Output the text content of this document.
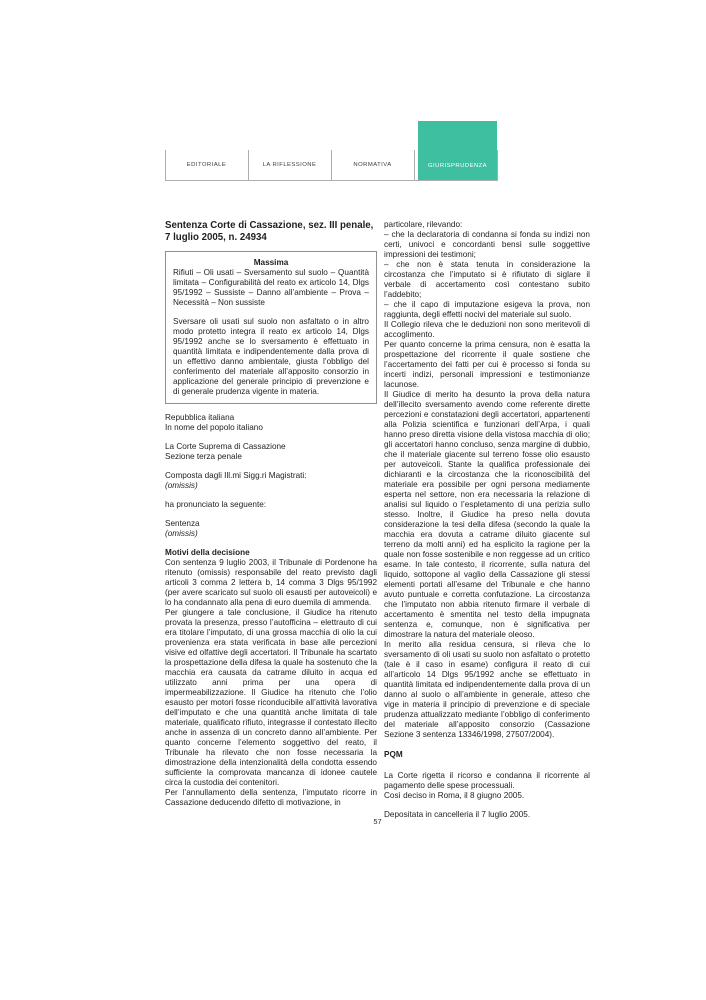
EDITORIALE	LA RIFLESSIONE	NORMATIVA	GIURISPRUDENZA
Sentenza Corte di Cassazione, sez. III penale, 7 luglio 2005, n. 24934

Massima

Rifiuti – Oli usati – Sversamento sul suolo – Quantità limitata – Configurabilità del reato ex articolo 14, Dlgs 95/1992 – Sussiste – Danno all’ambiente – Prova –Necessità – Non sussiste

Sversare oli usati sul suolo non asfaltato o in altro modo protetto integra il reato ex articolo 14, Dlgs 95/1992 anche se lo sversamento è effettuato in quantità limitata e indipendentemente dalla prova di un effettivo danno ambientale, giusta l’obbligo del conferimento del materiale all’apposito consorzio in applicazione del generale principio di prevenzione e di generale prudenza vigente in materia.

Repubblica italiana

In nome del popolo italiano

La Corte Suprema di Cassazione

Sezione terza penale

Composta dagli Ill.mi Sigg.ri Magistrati:

(omissis)

ha pronunciato la seguente:

Sentenza

(omissis)

Motivi della decisione

Con sentenza 9 luglio 2003, il Tribunale di Pordenone ha ritenuto (omissis) responsabile del reato previsto dagli articoli 3 comma 2 lettera b, 14 comma 3 Dlgs 95/1992 (per avere scaricato sul suolo oli esausti per autoveicoli) e lo ha condannato alla pena di euro duemila di ammenda.

Per giungere a tale conclusione, il Giudice ha ritenuto provata la presenza, presso l’autofficina – elettrauto di cui era titolare l’imputato, di una grossa macchia di olio la cui provenienza era stata verificata in base alle percezioni visive ed olfattive degli accertatori. Il Tribunale ha scartato la prospettazione della difesa la quale ha sostenuto che la macchia era causata da catrame diluito in acqua ed utilizzato anni prima per una opera di impermeabilizzazione. Il Giudice ha ritenuto che l’olio esausto per motori fosse riconducibile all’attività lavorativa dell’imputato e che una quantità anche limitata di tale materiale, qualificato rifiuto, integrasse il contestato illecito anche in assenza di un concreto danno all’ambiente. Per quanto concerne l’elemento soggettivo del reato, il Tribunale ha rilevato che non fosse necessaria la dimostrazione della intenzionalità della condotta essendo sufficiente la comprovata mancanza di idonee cautele circa la custodia dei contenitori.

Per l’annullamento della sentenza, l’imputato ricorre in Cassazione deducendo difetto di motivazione, in

particolare, rilevando:

– che la declaratoria di condanna si fonda su indizi non certi, univoci e concordanti bensì sulle soggettive impressioni dei testimoni;

– che non è stata tenuta in considerazione la circostanza che l’imputato si è rifiutato di siglare il verbale di accertamento così contestano subito l’addebito;

– che il capo di imputazione esigeva la prova, non raggiunta, degli effetti nocivi del materiale sul suolo.

Il Collegio rileva che le deduzioni non sono meritevoli di accoglimento.

Per quanto concerne la prima censura, non è esatta la prospettazione del ricorrente il quale sostiene che l’accertamento dei fatti per cui è processo si fonda su incerti indizi, personali impressioni e testimonianze lacunose.

Il Giudice di merito ha desunto la prova della natura dell’illecito sversamento avendo come referente dirette percezioni e constatazioni degli accertatori, appartenenti alla Polizia scientifica e funzionari dell’Arpa, i quali hanno preso diretta visione della vistosa macchia di olio; gli accertatori hanno concluso, senza margine di dubbio, che il materiale giacente sul terreno fosse olio esausto per autoveicoli. Stante la qualifica professionale dei dichiaranti e la circostanza che la riconoscibilità del materiale era possibile per ogni persona mediamente esperta nel settore, non era necessaria la relazione di analisi sul liquido o l’espletamento di una perizia sullo stesso. Inoltre, il Giudice ha preso nella dovuta considerazione la tesi della difesa (secondo la quale la macchia era dovuta a catrame diluito giacente sul terreno da molti anni) ed ha esplicito la ragione per la quale non fosse sostenibile e non reggesse ad un critico esame. In tale contesto, il ricorrente, sulla natura del liquido, sottopone al vaglio della Cassazione gli stessi elementi portati all’esame del Tribunale e che hanno avuto puntuale e corretta confutazione. La circostanza che l’imputato non abbia ritenuto firmare il verbale di accertamento è smentita nel testo della impugnata sentenza e, comunque, non è significativa per dimostrare la natura del materiale oleoso.

In merito alla residua censura, si rileva che lo sversamento di oli usati su suolo non asfaltato o protetto (tale è il caso in esame) configura il reato di cui all’articolo 14 Dlgs 95/1992 anche se effettuato in quantità limitata ed indipendentemente dalla prova di un danno al suolo o all’ambiente in generale, atteso che vige in materia il principio di prevenzione e di speciale prudenza attualizzato mediante l’obbligo di conferimento del materiale all’apposito consorzio (Cassazione Sezione 3 sentenza 13346/1998, 27507/2004).

PQM

La Corte rigetta il ricorso e condanna il ricorrente al pagamento delle spese processuali.

Così deciso in Roma, il 8 giugno 2005.

Depositata in cancelleria il 7 luglio 2005.

57
